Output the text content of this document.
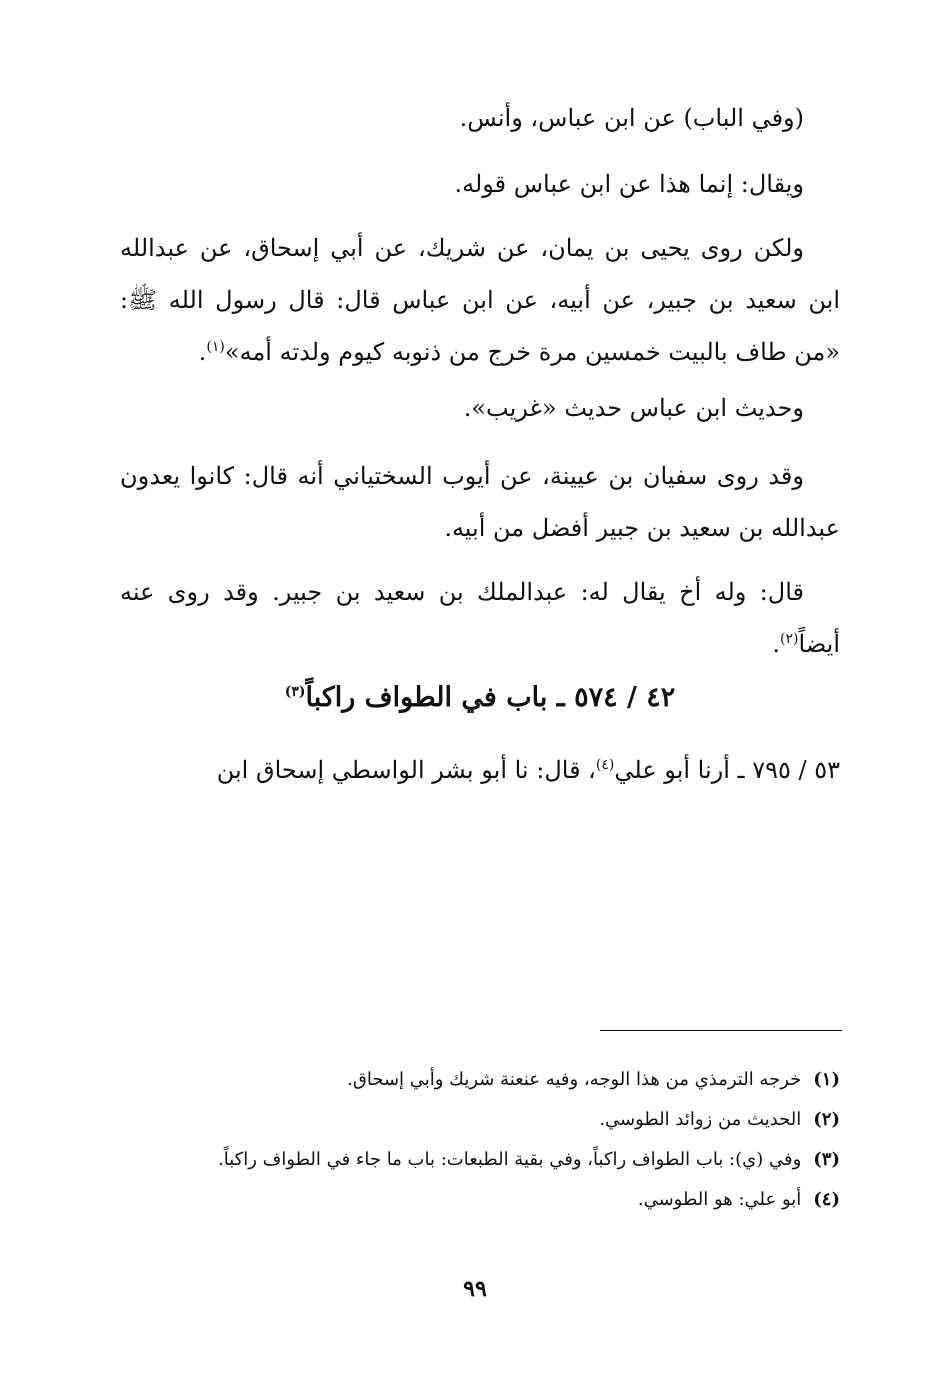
(وفي الباب) عن ابن عباس، وأنس.

ويقال: إنما هذا عن ابن عباس قوله.

ولكن روى يحيى بن يمان، عن شريك، عن أبي إسحاق، عن عبدالله ابن سعيد بن جبير، عن أبيه، عن ابن عباس قال: قال رسول الله ﷺ: «من طاف بالبيت خمسين مرة خرج من ذنوبه كيوم ولدته أمه»$^{(١)}$.

وحديث ابن عباس حديث «غريب».

وقد روى سفيان بن عيينة، عن أيوب السختياني أنه قال: كانوا يعدون عبدالله بن سعيد بن جبير أفضل من أبيه.

قال: وله أخ يقال له: عبدالملك بن سعيد بن جبير. وقد روى عنه أيضاً$^{(٢)}$.

٤٢ / ٥٧٤ ـ باب في الطواف راكباً$^{(٣)}$

٥٣ / ٧٩٥ ـ أرنا أبو علي$^{(٤)}$، قال: نا أبو بشر الواسطي إسحاق ابن

(١)خرجه الترمذي من هذا الوجه، وفيه عنعنة شريك وأبي إسحاق.
(٢)الحديث من زوائد الطوسي.
(٣)وفي (ي): باب الطواف راكباً، وفي بقية الطبعات: باب ما جاء في الطواف راكباً.
(٤)أبو علي: هو الطوسي.
٩٩
